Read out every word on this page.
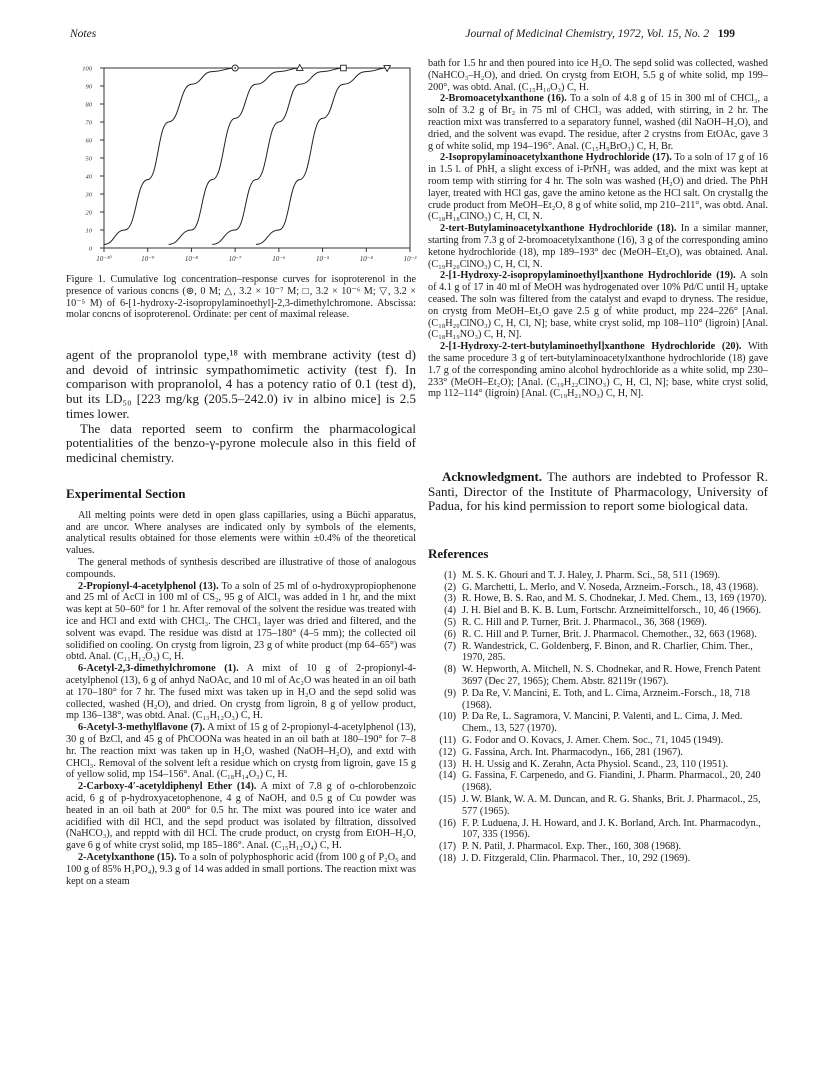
Notes	Journal of Medicinal Chemistry, 1972, Vol. 15, No. 2 199
100
90
80
70
60
50
40
30
20
10
0
10⁻¹⁰	10⁻⁹	10⁻⁸	10⁻⁷	10⁻⁶	10⁻⁵	10⁻⁴	10⁻³
Figure 1. Cumulative log concentration–response curves for isoproterenol in the presence of various concns (⊚, 0 M; △, 3.2 × 10⁻⁷ M; □, 3.2 × 10⁻⁶ M; ▽, 3.2 × 10⁻⁵ M) of 6-[1-hydroxy-2-isopropylaminoethyl]-2,3-dimethylchromone. Abscissa: molar concns of isoproterenol. Ordinate: per cent of maximal release.

agent of the propranolol type,¹⁸ with membrane activity (test d) and devoid of intrinsic sympathomimetic activity (test f). In comparison with propranolol, 4 has a potency ratio of 0.1 (test d), but its LD₅₀ [223 mg/kg (205.5–242.0) iv in albino mice] is 2.5 times lower.

The data reported seem to confirm the pharmacological potentialities of the benzo-γ-pyrone molecule also in this field of medicinal chemistry.

Experimental Section

All melting points were detd in open glass capillaries, using a Büchi apparatus, and are uncor. Where analyses are indicated only by symbols of the elements, analytical results obtained for those elements were within ±0.4% of the theoretical values.

The general methods of synthesis described are illustrative of those of analogous compounds.

2-Propionyl-4-acetylphenol (13). To a soln of 25 ml of o-hydroxypropiophenone and 25 ml of AcCl in 100 ml of CS₂, 95 g of AlCl₃ was added in 1 hr, and the mixt was kept at 50–60° for 1 hr. After removal of the solvent the residue was treated with ice and HCl and extd with CHCl₃. The CHCl₃ layer was dried and filtered, and the solvent was evapd. The residue was distd at 175–180° (4–5 mm); the collected oil solidified on cooling. On crystg from ligroin, 23 g of white product (mp 64–65°) was obtd. Anal. (C₁₁H₁₂O₃) C, H.

6-Acetyl-2,3-dimethylchromone (1). A mixt of 10 g of 2-propionyl-4-acetylphenol (13), 6 g of anhyd NaOAc, and 10 ml of Ac₂O was heated in an oil bath at 170–180° for 7 hr. The fused mixt was taken up in H₂O and the sepd solid was collected, washed (H₂O), and dried. On crystg from ligroin, 8 g of yellow product, mp 136–138°, was obtd. Anal. (C₁₃H₁₂O₃) C, H.

6-Acetyl-3-methylflavone (7). A mixt of 15 g of 2-propionyl-4-acetylphenol (13), 30 g of BzCl, and 45 g of PhCOONa was heated in an oil bath at 180–190° for 7–8 hr. The reaction mixt was taken up in H₂O, washed (NaOH–H₂O), and extd with CHCl₃. Removal of the solvent left a residue which on crystg from ligroin, gave 15 g of yellow solid, mp 154–156°. Anal. (C₁₈H₁₄O₃) C, H.

2-Carboxy-4′-acetyldiphenyl Ether (14). A mixt of 7.8 g of o-chlorobenzoic acid, 6 g of p-hydroxyacetophenone, 4 g of NaOH, and 0.5 g of Cu powder was heated in an oil bath at 200° for 0.5 hr. The mixt was poured into ice water and acidified with dil HCl, and the sepd product was isolated by filtration, dissolved (NaHCO₃), and repptd with dil HCl. The crude product, on crystg from EtOH–H₂O, gave 6 g of white cryst solid, mp 185–186°. Anal. (C₁₅H₁₂O₄) C, H.

2-Acetylxanthone (15). To a soln of polyphosphoric acid (from 100 g of P₂O₅ and 100 g of 85% H₃PO₄), 9.3 g of 14 was added in small portions. The reaction mixt was kept on a steam

bath for 1.5 hr and then poured into ice H₂O. The sepd solid was collected, washed (NaHCO₃–H₂O), and dried. On crystg from EtOH, 5.5 g of white solid, mp 199–200°, was obtd. Anal. (C₁₅H₁₀O₃) C, H.

2-Bromoacetylxanthone (16). To a soln of 4.8 g of 15 in 300 ml of CHCl₃, a soln of 3.2 g of Br₂ in 75 ml of CHCl₃ was added, with stirring, in 2 hr. The reaction mixt was transferred to a separatory funnel, washed (dil NaOH–H₂O), and dried, and the solvent was evapd. The residue, after 2 crystns from EtOAc, gave 3 g of white solid, mp 194–196°. Anal. (C₁₅H₉BrO₃) C, H, Br.

2-Isopropylaminoacetylxanthone Hydrochloride (17). To a soln of 17 g of 16 in 1.5 l. of PhH, a slight excess of i-PrNH₂ was added, and the mixt was kept at room temp with stirring for 4 hr. The soln was washed (H₂O) and dried. The PhH layer, treated with HCl gas, gave the amino ketone as the HCl salt. On crystallg the crude product from MeOH–Et₂O, 8 g of white solid, mp 210–211°, was obtd. Anal. (C₁₈H₁₈ClNO₃) C, H, Cl, N.

2-tert-Butylaminoacetylxanthone Hydrochloride (18). In a similar manner, starting from 7.3 g of 2-bromoacetylxanthone (16), 3 g of the corresponding amino ketone hydrochloride (18), mp 189–193° dec (MeOH–Et₂O), was obtained. Anal. (C₁₉H₂₀ClNO₃) C, H, Cl, N.

2-[1-Hydroxy-2-isopropylaminoethyl]xanthone Hydrochloride (19). A soln of 4.1 g of 17 in 40 ml of MeOH was hydrogenated over 10% Pd/C until H₂ uptake ceased. The soln was filtered from the catalyst and evapd to dryness. The residue, on crystg from MeOH–Et₂O gave 2.5 g of white product, mp 224–226° [Anal. (C₁₈H₂₀ClNO₃) C, H, Cl, N]; base, white cryst solid, mp 108–110° (ligroin) [Anal. (C₁₈H₁₉NO₃) C, H, N].

2-[1-Hydroxy-2-tert-butylaminoethyl]xanthone Hydrochloride (20). With the same procedure 3 g of tert-butylaminoacetylxanthone hydrochloride (18) gave 1.7 g of the corresponding amino alcohol hydrochloride as a white solid, mp 230–233° (MeOH–Et₂O); [Anal. (C₁₉H₂₂ClNO₃) C, H, Cl, N]; base, white cryst solid, mp 112–114° (ligroin) [Anal. (C₁₉H₂₁NO₃) C, H, N].

Acknowledgment. The authors are indebted to Professor R. Santi, Director of the Institute of Pharmacology, University of Padua, for his kind permission to report some biological data.

References
(1) M. S. K. Ghouri and T. J. Haley, J. Pharm. Sci., 58, 511 (1969).
(2) G. Marchetti, L. Merlo, and V. Noseda, Arzneim.-Forsch., 18, 43 (1968).
(3) R. Howe, B. S. Rao, and M. S. Chodnekar, J. Med. Chem., 13, 169 (1970).
(4) J. H. Biel and B. K. B. Lum, Fortschr. Arzneimittelforsch., 10, 46 (1966).
(5) R. C. Hill and P. Turner, Brit. J. Pharmacol., 36, 368 (1969).
(6) R. C. Hill and P. Turner, Brit. J. Pharmacol. Chemother., 32, 663 (1968).
(7) R. Wandestrick, C. Goldenberg, F. Binon, and R. Charlier, Chim. Ther., 1970, 285.
(8) W. Hepworth, A. Mitchell, N. S. Chodnekar, and R. Howe, French Patent 3697 (Dec 27, 1965); Chem. Abstr. 82119r (1967).
(9) P. Da Re, V. Mancini, E. Toth, and L. Cima, Arzneim.-Forsch., 18, 718 (1968).
(10) P. Da Re, L. Sagramora, V. Mancini, P. Valenti, and L. Cima, J. Med. Chem., 13, 527 (1970).
(11) G. Fodor and O. Kovacs, J. Amer. Chem. Soc., 71, 1045 (1949).
(12) G. Fassina, Arch. Int. Pharmacodyn., 166, 281 (1967).
(13) H. H. Ussig and K. Zerahn, Acta Physiol. Scand., 23, 110 (1951).
(14) G. Fassina, F. Carpenedo, and G. Fiandini, J. Pharm. Pharmacol., 20, 240 (1968).
(15) J. W. Blank, W. A. M. Duncan, and R. G. Shanks, Brit. J. Pharmacol., 25, 577 (1965).
(16) F. P. Luduena, J. H. Howard, and J. K. Borland, Arch. Int. Pharmacodyn., 107, 335 (1956).
(17) P. N. Patil, J. Pharmacol. Exp. Ther., 160, 308 (1968).
(18) J. D. Fitzgerald, Clin. Pharmacol. Ther., 10, 292 (1969).
